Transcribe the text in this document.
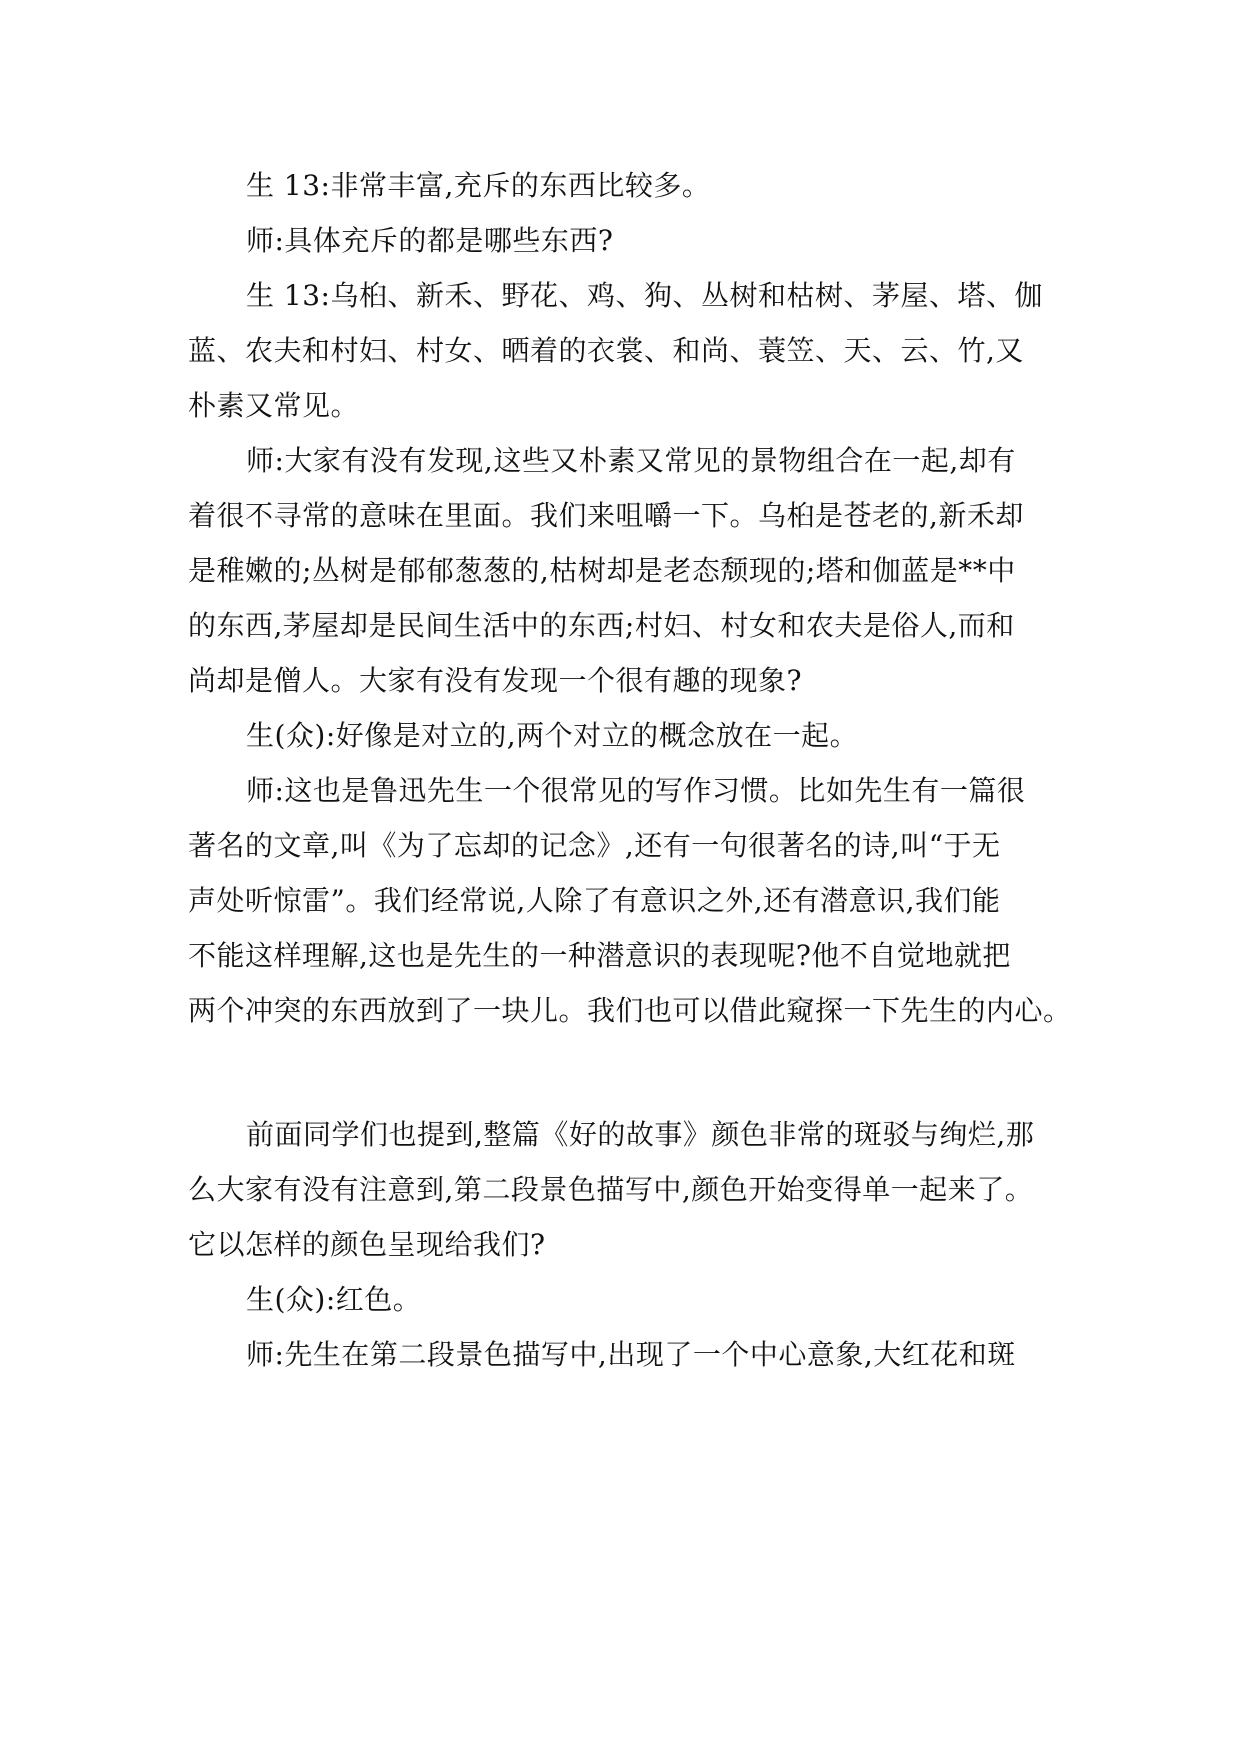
生 13:非常丰富,充斥的东西比较多。
师:具体充斥的都是哪些东西?
生 13:乌桕、新禾、野花、鸡、狗、丛树和枯树、茅屋、塔、伽
蓝、农夫和村妇、村女、晒着的衣裳、和尚、蓑笠、天、云、竹,又
朴素又常见。
师:大家有没有发现,这些又朴素又常见的景物组合在一起,却有
着很不寻常的意味在里面。我们来咀嚼一下。乌桕是苍老的,新禾却
是稚嫩的;丛树是郁郁葱葱的,枯树却是老态颓现的;塔和伽蓝是**中
的东西,茅屋却是民间生活中的东西;村妇、村女和农夫是俗人,而和
尚却是僧人。大家有没有发现一个很有趣的现象?
生(众):好像是对立的,两个对立的概念放在一起。
师:这也是鲁迅先生一个很常见的写作习惯。比如先生有一篇很
著名的文章,叫《为了忘却的记念》,还有一句很著名的诗,叫“于无
声处听惊雷”。我们经常说,人除了有意识之外,还有潜意识,我们能
不能这样理解,这也是先生的一种潜意识的表现呢?他不自觉地就把
两个冲突的东西放到了一块儿。我们也可以借此窥探一下先生的内心。
前面同学们也提到,整篇《好的故事》颜色非常的斑驳与绚烂,那
么大家有没有注意到,第二段景色描写中,颜色开始变得单一起来了。
它以怎样的颜色呈现给我们?
生(众):红色。
师:先生在第二段景色描写中,出现了一个中心意象,大红花和斑
